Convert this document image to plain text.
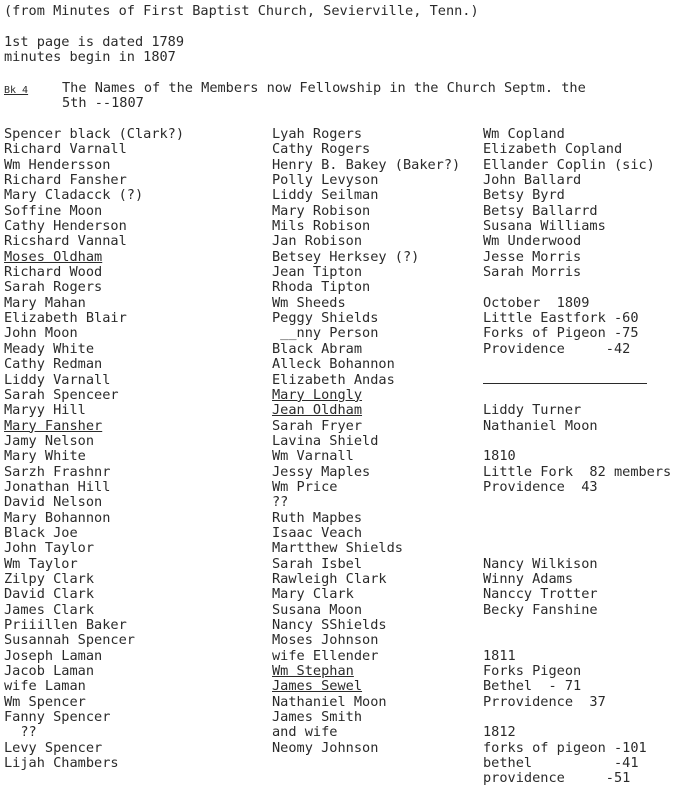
(from Minutes of First Baptist Church, Sevierville, Tenn.)
1st page is dated 1789
minutes begin in 1807
Bk 4 The Names of the Members now Fellowship in the Church Septm. the
5th --1807
Spencer black (Clark?)
Richard Varnall
Wm Hendersson
Richard Fansher
Mary Cladacck (?)
Soffine Moon
Cathy Henderson
Ricshard Vannal
Moses Oldham
Richard Wood
Sarah Rogers
Mary Mahan
Elizabeth Blair
John Moon
Meady White
Cathy Redman
Liddy Varnall
Sarah Spenceer
Maryy Hill
Mary Fansher
Jamy Nelson
Mary White
Sarzh Frashnr
Jonathan Hill
David Nelson
Mary Bohannon
Black Joe
John Taylor
Wm Taylor
Zilpy Clark
David Clark
James Clark
Priiillen Baker
Susannah Spencer
Joseph Laman
Jacob Laman
wife Laman
Wm Spencer
Fanny Spencer
??
Levy Spencer
Lijah Chambers
Lyah Rogers
Cathy Rogers
Henry B. Bakey (Baker?)
Polly Levyson
Liddy Seilman
Mary Robison
Mils Robison
Jan Robison
Betsey Herksey (?)
Jean Tipton
Rhoda Tipton
Wm Sheeds
Peggy Shields
__nny Person
Black Abram
Alleck Bohannon
Elizabeth Andas
Mary Longly
Jean Oldham
Sarah Fryer
Lavina Shield
Wm Varnall
Jessy Maples
Wm Price
??
Ruth Mapbes
Isaac Veach
Martthew Shields
Sarah Isbel
Rawleigh Clark
Mary Clark
Susana Moon
Nancy SShields
Moses Johnson
wife Ellender
Wm Stephan
James Sewel
Nathaniel Moon
James Smith
and wife
Neomy Johnson
Wm Copland
Elizabeth Copland
Ellander Coplin (sic)
John Ballard
Betsy Byrd
Betsy Ballarrd
Susana Williams
Wm Underwood
Jesse Morris
Sarah Morris
October  1809
Little Eastfork -60
Forks of Pigeon -75
Providence     -42
Liddy Turner
Nathaniel Moon
1810
Little Fork  82 members
Providence  43
Nancy Wilkison
Winny Adams
Nanccy Trotter
Becky Fanshine
1811
Forks Pigeon
Bethel  - 71
Prrovidence  37
1812
forks of pigeon -101
bethel          -41
providence     -51
